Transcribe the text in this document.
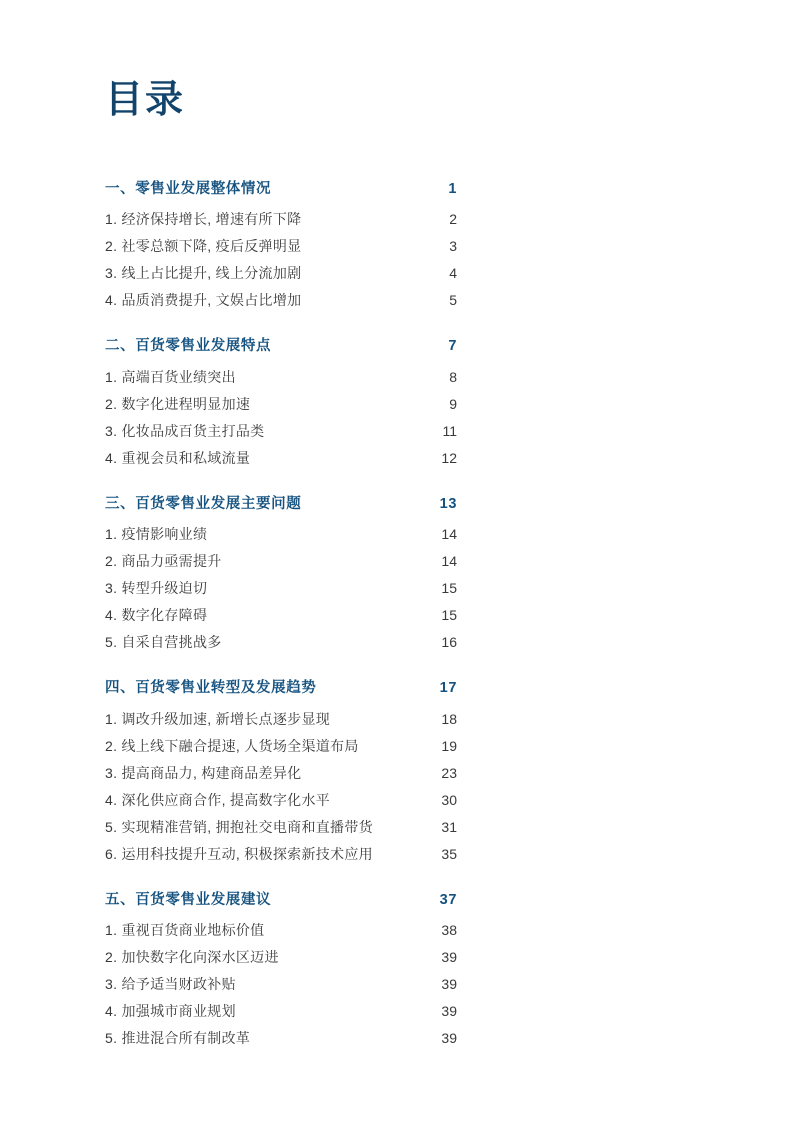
目录
一、零售业发展整体情况	1
1. 经济保持增长, 增速有所下降	2
2. 社零总额下降, 疫后反弹明显	3
3. 线上占比提升, 线上分流加剧	4
4. 品质消费提升, 文娱占比增加	5
二、百货零售业发展特点	7
1. 高端百货业绩突出	8
2. 数字化进程明显加速	9
3. 化妆品成百货主打品类	11
4. 重视会员和私域流量	12
三、百货零售业发展主要问题	13
1. 疫情影响业绩	14
2. 商品力亟需提升	14
3. 转型升级迫切	15
4. 数字化存障碍	15
5. 自采自营挑战多	16
四、百货零售业转型及发展趋势	17
1. 调改升级加速, 新增长点逐步显现	18
2. 线上线下融合提速, 人货场全渠道布局	19
3. 提高商品力, 构建商品差异化	23
4. 深化供应商合作, 提高数字化水平	30
5. 实现精准营销, 拥抱社交电商和直播带货	31
6. 运用科技提升互动, 积极探索新技术应用	35
五、百货零售业发展建议	37
1. 重视百货商业地标价值	38
2. 加快数字化向深水区迈进	39
3. 给予适当财政补贴	39
4. 加强城市商业规划	39
5. 推进混合所有制改革	39
